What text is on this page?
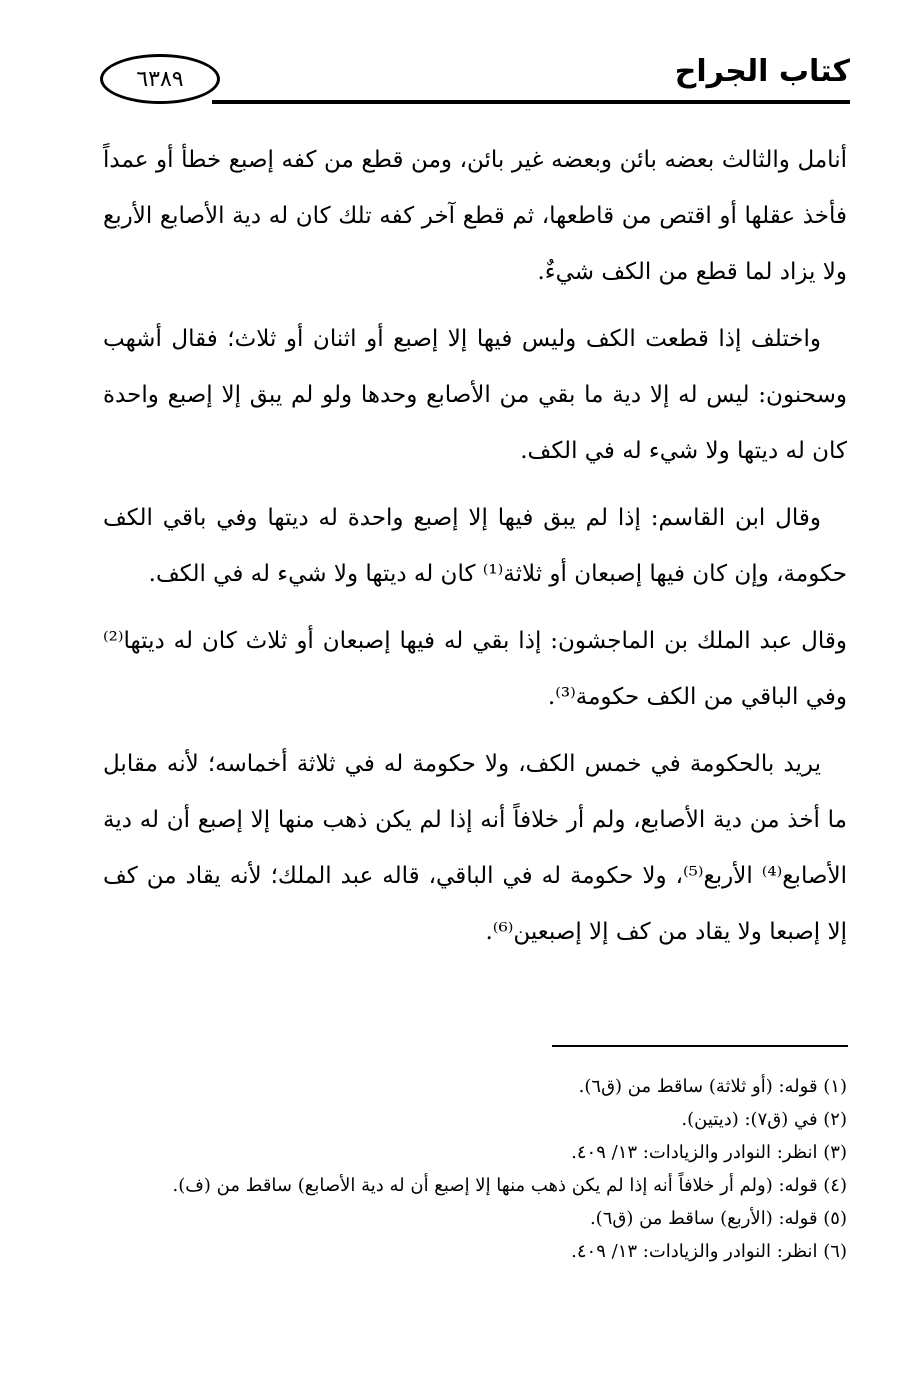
٦٣٨٩	كتاب الجراح

أنامل والثالث بعضه بائن وبعضه غير بائن، ومن قطع من كفه إصبع خطأ أو عمداً فأخذ عقلها أو اقتص من قاطعها، ثم قطع آخر كفه تلك كان له دية الأصابع الأربع ولا يزاد لما قطع من الكف شيءٌ.

واختلف إذا قطعت الكف وليس فيها إلا إصبع أو اثنان أو ثلاث؛ فقال أشهب وسحنون: ليس له إلا دية ما بقي من الأصابع وحدها ولو لم يبق إلا إصبع واحدة كان له ديتها ولا شيء له في الكف.

وقال ابن القاسم: إذا لم يبق فيها إلا إصبع واحدة له ديتها وفي باقي الكف حكومة، وإن كان فيها إصبعان أو ثلاثة⁽¹⁾ كان له ديتها ولا شيء له في الكف.

وقال عبد الملك بن الماجشون: إذا بقي له فيها إصبعان أو ثلاث كان له ديتها⁽²⁾ وفي الباقي من الكف حكومة⁽³⁾.

يريد بالحكومة في خمس الكف، ولا حكومة له في ثلاثة أخماسه؛ لأنه مقابل ما أخذ من دية الأصابع، ولم أر خلافاً أنه إذا لم يكن ذهب منها إلا إصبع أن له دية الأصابع⁽⁴⁾ الأربع⁽⁵⁾، ولا حكومة له في الباقي، قاله عبد الملك؛ لأنه يقاد من كف إلا إصبعا ولا يقاد من كف إلا إصبعين⁽⁶⁾.

(١) قوله: (أو ثلاثة) ساقط من (ق٦).

(٢) في (ق٧): (ديتين).

(٣) انظر: النوادر والزيادات: ١٣/ ٤٠٩.

(٤) قوله: (ولم أر خلافاً أنه إذا لم يكن ذهب منها إلا إصبع أن له دية الأصابع) ساقط من (ف).

(٥) قوله: (الأربع) ساقط من (ق٦).

(٦) انظر: النوادر والزيادات: ١٣/ ٤٠٩.
